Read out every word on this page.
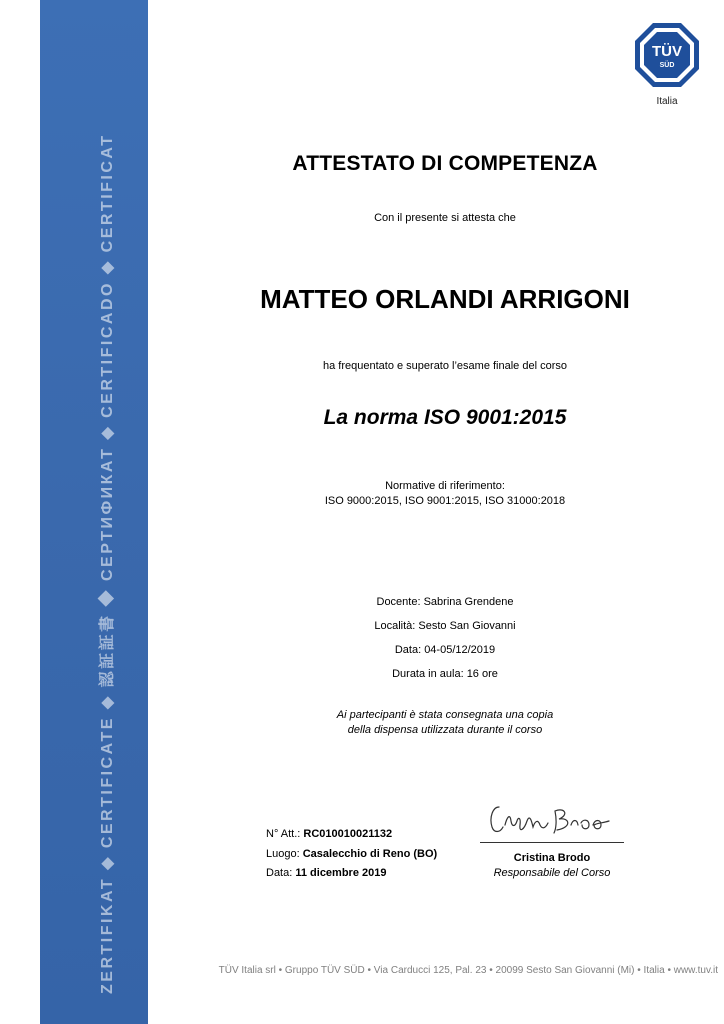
ZERTIFIKAT ◆ CERTIFICATE ◆ 認証証書 ◆ СЕРТИФИКАТ ◆ CERTIFICADO ◆ CERTIFICAT
TÜV
SÜD
Italia
ATTESTATO DI COMPETENZA
Con il presente si attesta che
MATTEO ORLANDI ARRIGONI
ha frequentato e superato l’esame finale del corso
La norma ISO 9001:2015
Normative di riferimento:
ISO 9000:2015, ISO 9001:2015, ISO 31000:2018
Docente: Sabrina Grendene
Località: Sesto San Giovanni
Data: 04-05/12/2019
Durata in aula: 16 ore
Ai partecipanti è stata consegnata una copia
della dispensa utilizzata durante il corso
N° Att.: RC010010021132
Luogo: Casalecchio di Reno (BO)
Data: 11 dicembre 2019
Cristina Brodo
Responsabile del Corso
TÜV Italia srl • Gruppo TÜV SÜD • Via Carducci 125, Pal. 23 • 20099 Sesto San Giovanni (Mi) • Italia • www.tuv.it
